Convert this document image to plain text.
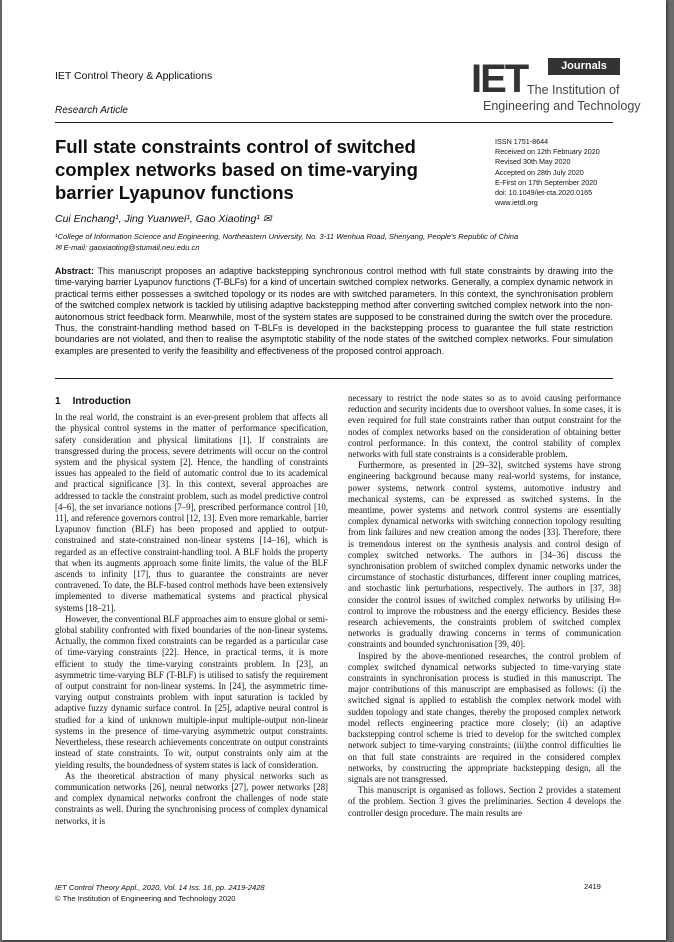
IET Control Theory & Applications
Research Article
IET	Journals
The Institution of
Engineering and Technology
Full state constraints control of switched
complex networks based on time-varying
barrier Lyapunov functions
ISSN 1751-8644
Received on 12th February 2020
Revised 30th May 2020
Accepted on 28th July 2020
E-First on 17th September 2020
doi: 10.1049/iet-cta.2020.0165
www.ietdl.org
Cui Enchang¹, Jing Yuanwei¹, Gao Xiaoting¹ ✉
¹College of Information Science and Engineering, Northeastern University, No. 3-11 Wenhua Road, Shenyang, People's Republic of China
✉ E-mail: gaoxiaoting@stumail.neu.edu.cn
Abstract: This manuscript proposes an adaptive backstepping synchronous control method with full state constraints by drawing into the time-varying barrier Lyapunov functions (T-BLFs) for a kind of uncertain switched complex networks. Generally, a complex dynamic network in practical terms either possesses a switched topology or its nodes are with switched parameters. In this context, the synchronisation problem of the switched complex network is tackled by utilising adaptive backstepping method after converting switched complex network into the non-autonomous strict feedback form. Meanwhile, most of the system states are supposed to be constrained during the switch over the procedure. Thus, the constraint-handling method based on T-BLFs is developed in the backstepping process to guarantee the full state restriction boundaries are not violated, and then to realise the asymptotic stability of the node states of the switched complex networks. Four simulation examples are presented to verify the feasibility and effectiveness of the proposed control approach.
1 Introduction

In the real world, the constraint is an ever-present problem that affects all the physical control systems in the matter of performance specification, safety consideration and physical limitations [1]. If constraints are transgressed during the process, severe detriments will occur on the control system and the physical system [2]. Hence, the handling of constraints issues has appealed to the field of automatic control due to its academical and practical significance [3]. In this context, several approaches are addressed to tackle the constraint problem, such as model predictive control [4–6], the set invariance notions [7–9], prescribed performance control [10, 11], and reference governors control [12, 13]. Even more remarkable, barrier Lyapunov function (BLF) has been proposed and applied to output-constrained and state-constrained non-linear systems [14–16], which is regarded as an effective constraint-handling tool. A BLF holds the property that when its augments approach some finite limits, the value of the BLF ascends to infinity [17], thus to guarantee the constraints are never contravened. To date, the BLF-based control methods have been extensively implemented to diverse mathematical systems and practical physical systems [18–21].

However, the conventional BLF approaches aim to ensure global or semi-global stability confronted with fixed boundaries of the non-linear systems. Actually, the common fixed constraints can be regarded as a particular case of time-varying constraints [22]. Hence, in practical terms, it is more efficient to study the time-varying constraints problem. In [23], an asymmetric time-varying BLF (T-BLF) is utilised to satisfy the requirement of output constraint for non-linear systems. In [24], the asymmetric time-varying output constraints problem with input saturation is tackled by adaptive fuzzy dynamic surface control. In [25], adaptive neural control is studied for a kind of unknown multiple-input multiple-output non-linear systems in the presence of time-varying asymmetric output constraints. Nevertheless, these research achievements concentrate on output constraints instead of state constraints. To wit, output constraints only aim at the yielding results, the boundedness of system states is lack of consideration.

As the theoretical abstraction of many physical networks such as communication networks [26], neural networks [27], power networks [28] and complex dynamical networks confront the challenges of node state constraints as well. During the synchronising process of complex dynamical networks, it is

necessary to restrict the node states so as to avoid causing performance reduction and security incidents due to overshoot values. In some cases, it is even required for full state constraints rather than output constraint for the nodes of complex networks based on the consideration of obtaining better control performance. In this context, the control stability of complex networks with full state constraints is a considerable problem.

Furthermore, as presented in [29–32], switched systems have strong engineering background because many real-world systems, for instance, power systems, network control systems, automotive industry and mechanical systems, can be expressed as switched systems. In the meantime, power systems and network control systems are essentially complex dynamical networks with switching connection topology resulting from link failures and new creation among the nodes [33]. Therefore, there is tremendous interest on the synthesis analysis and control design of complex switched networks. The authors in [34–36] discuss the synchronisation problem of switched complex dynamic networks under the circumstance of stochastic disturbances, different inner coupling matrices, and stochastic link perturbations, respectively. The authors in [37, 38] consider the control issues of switched complex networks by utilising H∞ control to improve the robustness and the energy efficiency. Besides these research achievements, the constraints problem of switched complex networks is gradually drawing concerns in terms of communication constraints and bounded synchronisation [39, 40].

Inspired by the above-mentioned researches, the control problem of complex switched dynamical networks subjected to time-varying state constraints in synchronisation process is studied in this manuscript. The major contributions of this manuscript are emphasised as follows: (i) the switched signal is applied to establish the complex network model with sudden topology and state changes, thereby the proposed complex network model reflects engineering practice more closely; (ii) an adaptive backstepping control scheme is tried to develop for the switched complex network subject to time-varying constraints; (iii)the control difficulties lie on that full state constraints are required in the considered complex networks, by constructing the appropriate backstepping design, all the signals are not transgressed.

This manuscript is organised as follows. Section 2 provides a statement of the problem. Section 3 gives the preliminaries. Section 4 develops the controller design procedure. The main results are

IET Control Theory Appl., 2020, Vol. 14 Iss. 16, pp. 2419-2428
© The Institution of Engineering and Technology 2020
2419
